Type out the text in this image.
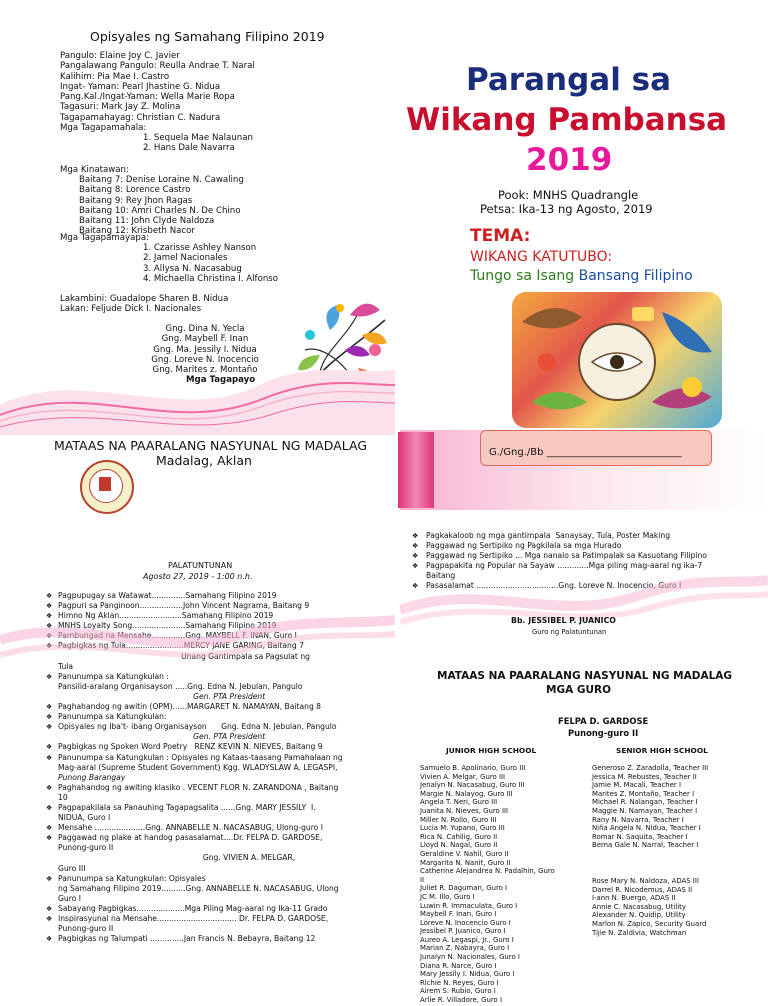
Opisyales ng Samahang Filipino 2019
Pangulo: Elaine Joy C. Javier
Pangalawang Pangulo: Reulla Andrae T. Naral
Kalihim: Pia Mae I. Castro
Ingat- Yaman: Pearl Jhastine G. Nidua
Pang.Kal./Ingat-Yaman: Wella Marie Ropa
Tagasuri: Mark Jay Z. Molina
Tagapamahayag: Christian C. Nadura
Mga Tagapamahala:
1. Sequela Mae Nalaunan
2. Hans Dale Navarra
Mga Kinatawan:
Baitang 7: Denise Loraine N. Cawaling
Baitang 8: Lorence Castro
Baitang 9: Rey Jhon Ragas
Baitang 10: Amri Charles N. De Chino
Baitang 11: John Clyde Naldoza
Baitang 12: Krisbeth Nacor
Mga Tagapamayapa:
1. Czarisse Ashley Nanson
2. Jamel Nacionales
3. Allysa N. Nacasabug
4. Michaella Christina I. Alfonso
Lakambini: Guadalope Sharen B. Nidua
Lakan: Feljude Dick I. Nacionales
Gng. Dina N. Yecla
Gng. Maybell F. Inan
Gng. Ma. Jessily I. Nidua
Gng. Loreve N. Inocencio
Gng. Marites z. Montaño
Mga Tagapayo
MATAAS NA PAARALANG NASYUNAL NG MADALAG
Madalag, Aklan
Parangal sa
Wikang Pambansa
2019
Pook: MNHS Quadrangle
Petsa: Ika-13 ng Agosto, 2019
TEMA:
WIKANG KATUTUBO:
Tungo sa Isang Bansang Filipino
G./Gng./Bb ___________________________
PALATUNTUNAN
Agosto 27, 2019 - 1:00 n.h.
❖ Pagpupugay sa Watawat..............Samahang Filipino 2019
❖ Pagpuri sa Panginoon..................John Vincent Nagrama, Baitang 9
❖ Himno Ng Aklan..........................Samahang Filipino 2019
❖ MNHS Loyalty Song......................Samahang Filipino 2019
❖ Pambungad na Mensahe..............Gng. MAYBELL F. INAN, Guro I
❖ Pagbigkas ng Tula........................MERCY JANE GARING, Baitang 7
Unang Gantimpala sa Pagsulat ng
Tula
❖ Panunumpa sa Katungkulan :
Pansilid-aralang Organisayson .....Gng. Edna N. Jebulan, Pangulo
Gen. PTA President
❖ Paghahandog ng awitin (OPM)......MARGARET N. NAMAYAN, Baitang 8
❖ Panunumpa sa Katungkulan:
❖ Opisyales ng Iba't- ibang Organisayson      Gng. Edna N. Jebulan, Pangulo
Gen. PTA President
❖ Pagbigkas ng Spoken Word Poetry   RENZ KEVIN N. NIEVES, Baitang 9
❖ Panunumpa sa Katungkulan : Opisyales ng Kataas-taasang Pamahalaan ng
Mag-aaral (Supreme Student Government) Kgg. WLADYSLAW A. LEGASPI,
Punong Barangay
❖ Paghahandog ng awiting klasiko . VECENT FLOR N. ZARANDONA , Baitang
10
❖ Pagpapakilala sa Panauhing Tagapagsalita ......Gng. MARY JESSILY  I.
NIDUA, Guro I
❖ Mensahe .....................Gng. ANNABELLE N. NACASABUG, Ulong-guro I
❖ Paggawad ng plake at handog pasasalamat....Dr. FELPA D. GARDOSE,
Punong-guro II
Gng. VIVIEN A. MELGAR,
Guro III
❖ Panunumpa sa Katungkulan: Opisyales
ng Samahang Filipino 2019..........Gng. ANNABELLE N. NACASABUG, Ulong
Guro I
❖ Sabayang Pagbigkas....................Mga Piling Mag-aaral ng Ika-11 Grado
❖ Inspirasyunal na Mensahe................................. Dr. FELPA D. GARDOSE,
Punong-guro II
❖ Pagbigkas ng Talumpati ..............Jan Francis N. Bebayra, Baitang 12
❖ Pagkakaloob ng mga gantimpala  Sanaysay, Tula, Poster Making
❖ Paggawad ng Sertipiko ng Pagkilala sa mga Hurado
❖ Paggawad ng Sertipiko ... Mga nanalo sa Patimpalak sa Kasuotang Filipino
❖ Pagpapakita ng Popular na Sayaw .............Mga piling mag-aaral ng ika-7
Baitang
❖ Pasasalamat ..................................Gng. Loreve N. Inocencio, Guro I
Bb. JESSIBEL P. JUANICO
Guro ng Palatuntunan
MATAAS NA PAARALANG NASYUNAL NG MADALAG
MGA GURO
FELPA D. GARDOSE
Punong-guro II
JUNIOR HIGH SCHOOL	SENIOR HIGH SCHOOL
Samuelo B. Apolinario, Guro III
Vivien A. Melgar, Guro III
Jenalyn N. Nacasabug, Guro III
Margie N. Nalayog, Guro III
Angela T. Neri, Guro III
Juanita N. Nieves, Guro III
Miller N. Rollo, Guro III
Lucia M. Yupano, Guro III
Rica N. Cahilig, Guro II
Lloyd N. Nagal, Guro II
Geraldine V. Nahil, Guro II
Margarita N. Nanit, Guro II
Catherine Alejandrea N. Padalhin, Guro
II
Juliet R. Daguman, Guro I
JC M. Illo, Guro I
Luwin R. Immaculata, Guro I
Maybell F. Inan, Guro I
Loreve N. Inocencio Guro I
Jessibel P. Juanico, Guro I
Aureo A. Legaspi, Jr., Guro I
Marian Z. Nabayra, Guro I
Junalyn N. Nacionales, Guro I
Diana R. Narce, Guro I
Mary Jessily I. Nidua, Guro I
Richie N. Reyes, Guro I
Airem S. Rubio, Guro I
Arlie R. Villadore, Guro I
Generoso Z. Zaradolla, Teacher III
Jessica M. Rebustes, Teacher II
Jamie M. Macali, Teacher I
Marites Z. Montaño, Teacher I
Michael R. Nalangan, Teacher I
Maggie N. Namayan, Teacher I
Rany N. Navarra, Teacher I
Niña Angela N. Nidua, Teacher I
Romar N. Saquita, Teacher I
Berna Gale N. Narral, Teacher I
Rose Mary N. Naldoza, ADAS III
Darrel R. Nicodemus, ADAS II
I-ann N. Buergo, ADAS II
Annie C. Nacasabug, Utility
Alexander N. Quidip, Utility
Marlon N. Zapico, Security Guard
Tijie N. Zaldivia, Watchman
